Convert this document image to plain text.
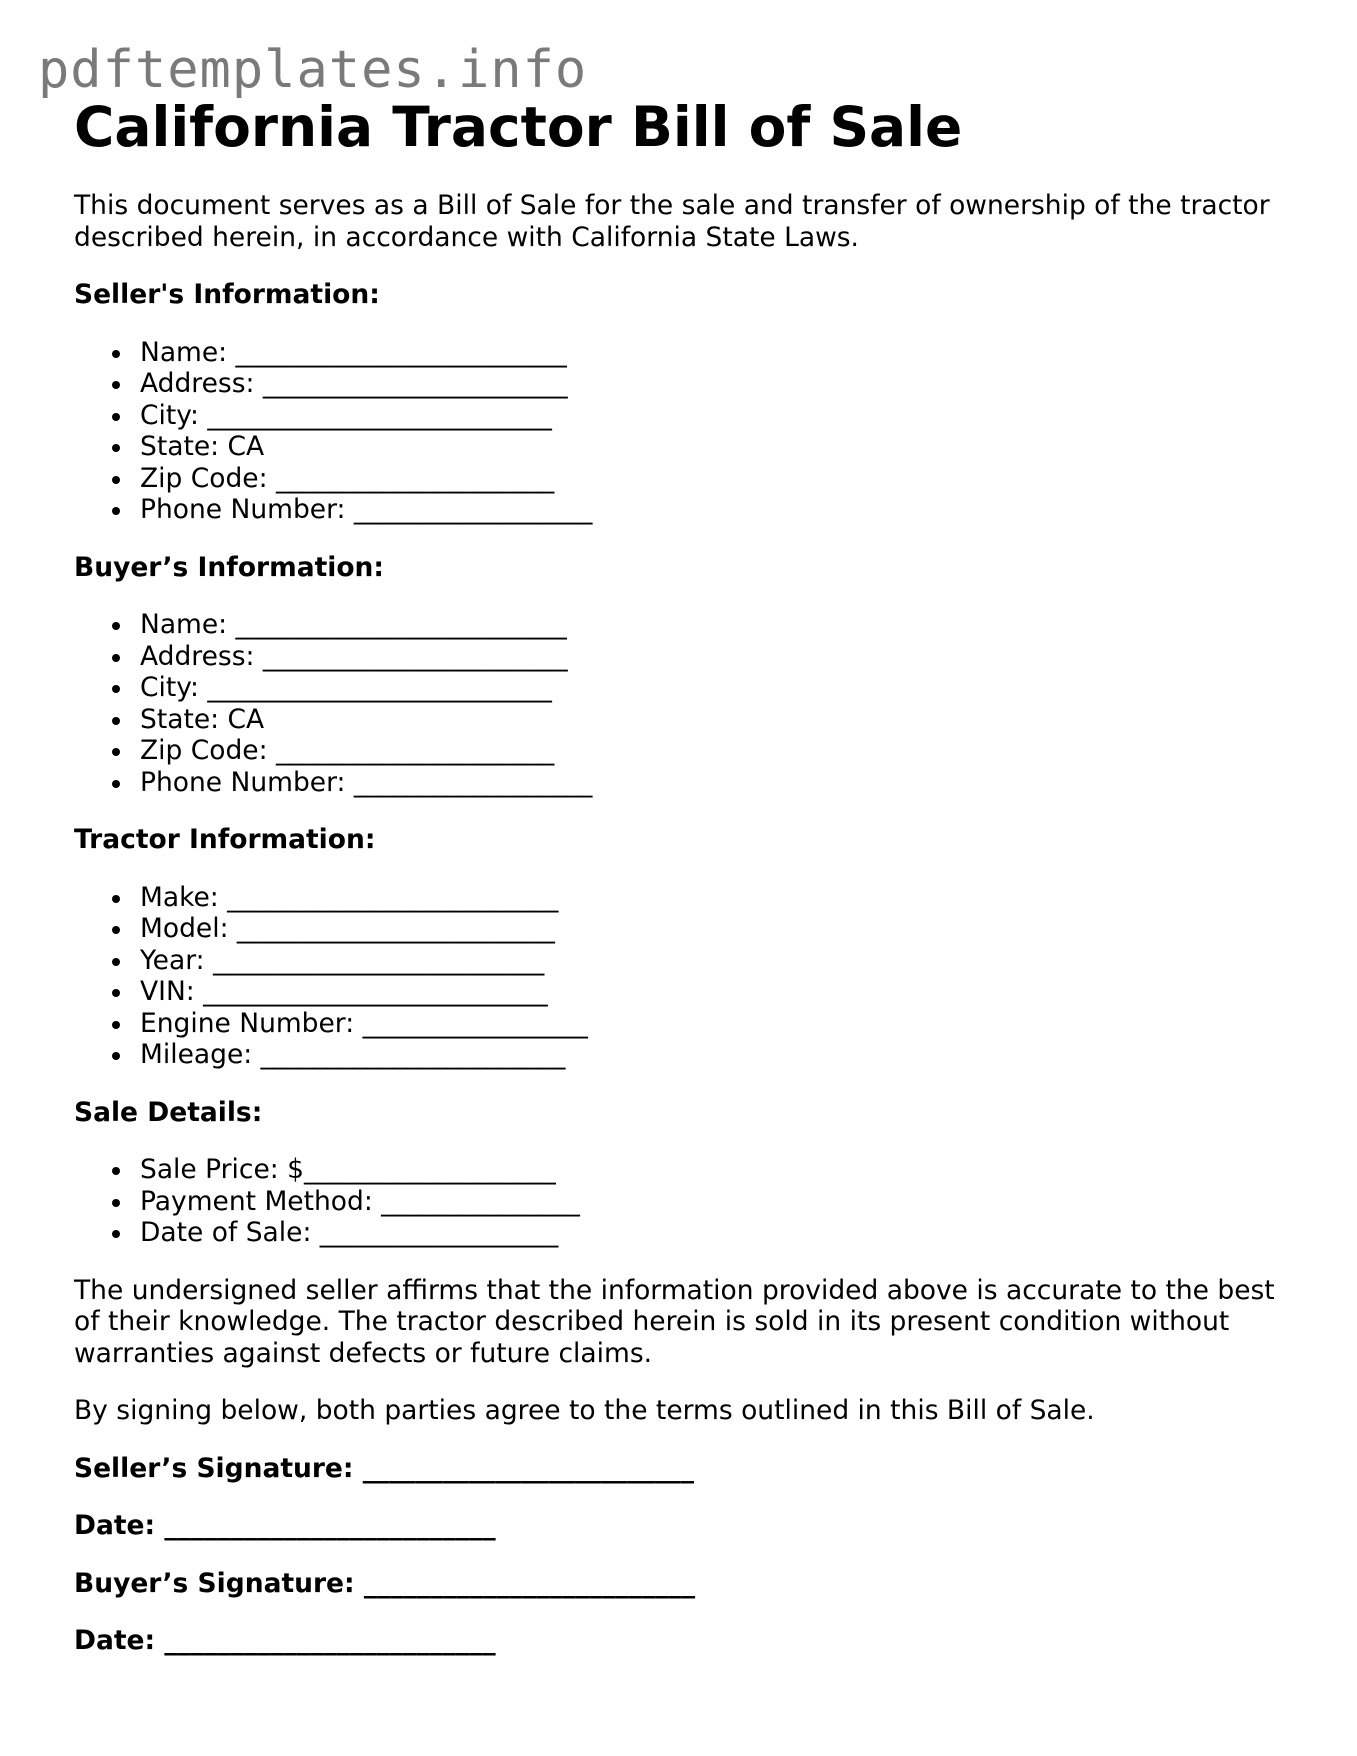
pdftemplates.info
California Tractor Bill of Sale

This document serves as a Bill of Sale for the sale and transfer of ownership of the tractor described herein, in accordance with California State Laws.

Seller's Information:
Name: _________________________
Address: _______________________
City: __________________________
State: CA
Zip Code: _____________________
Phone Number: __________________
Buyer’s Information:
Name: _________________________
Address: _______________________
City: __________________________
State: CA
Zip Code: _____________________
Phone Number: __________________
Tractor Information:
Make: _________________________
Model: ________________________
Year: _________________________
VIN: __________________________
Engine Number: _________________
Mileage: _______________________
Sale Details:
Sale Price: $___________________
Payment Method: _______________
Date of Sale: __________________

The undersigned seller affirms that the information provided above is accurate to the best of their knowledge. The tractor described herein is sold in its present condition without warranties against defects or future claims.

By signing below, both parties agree to the terms outlined in this Bill of Sale.

Seller’s Signature: _________________________
Date: _________________________
Buyer’s Signature: _________________________
Date: _________________________
